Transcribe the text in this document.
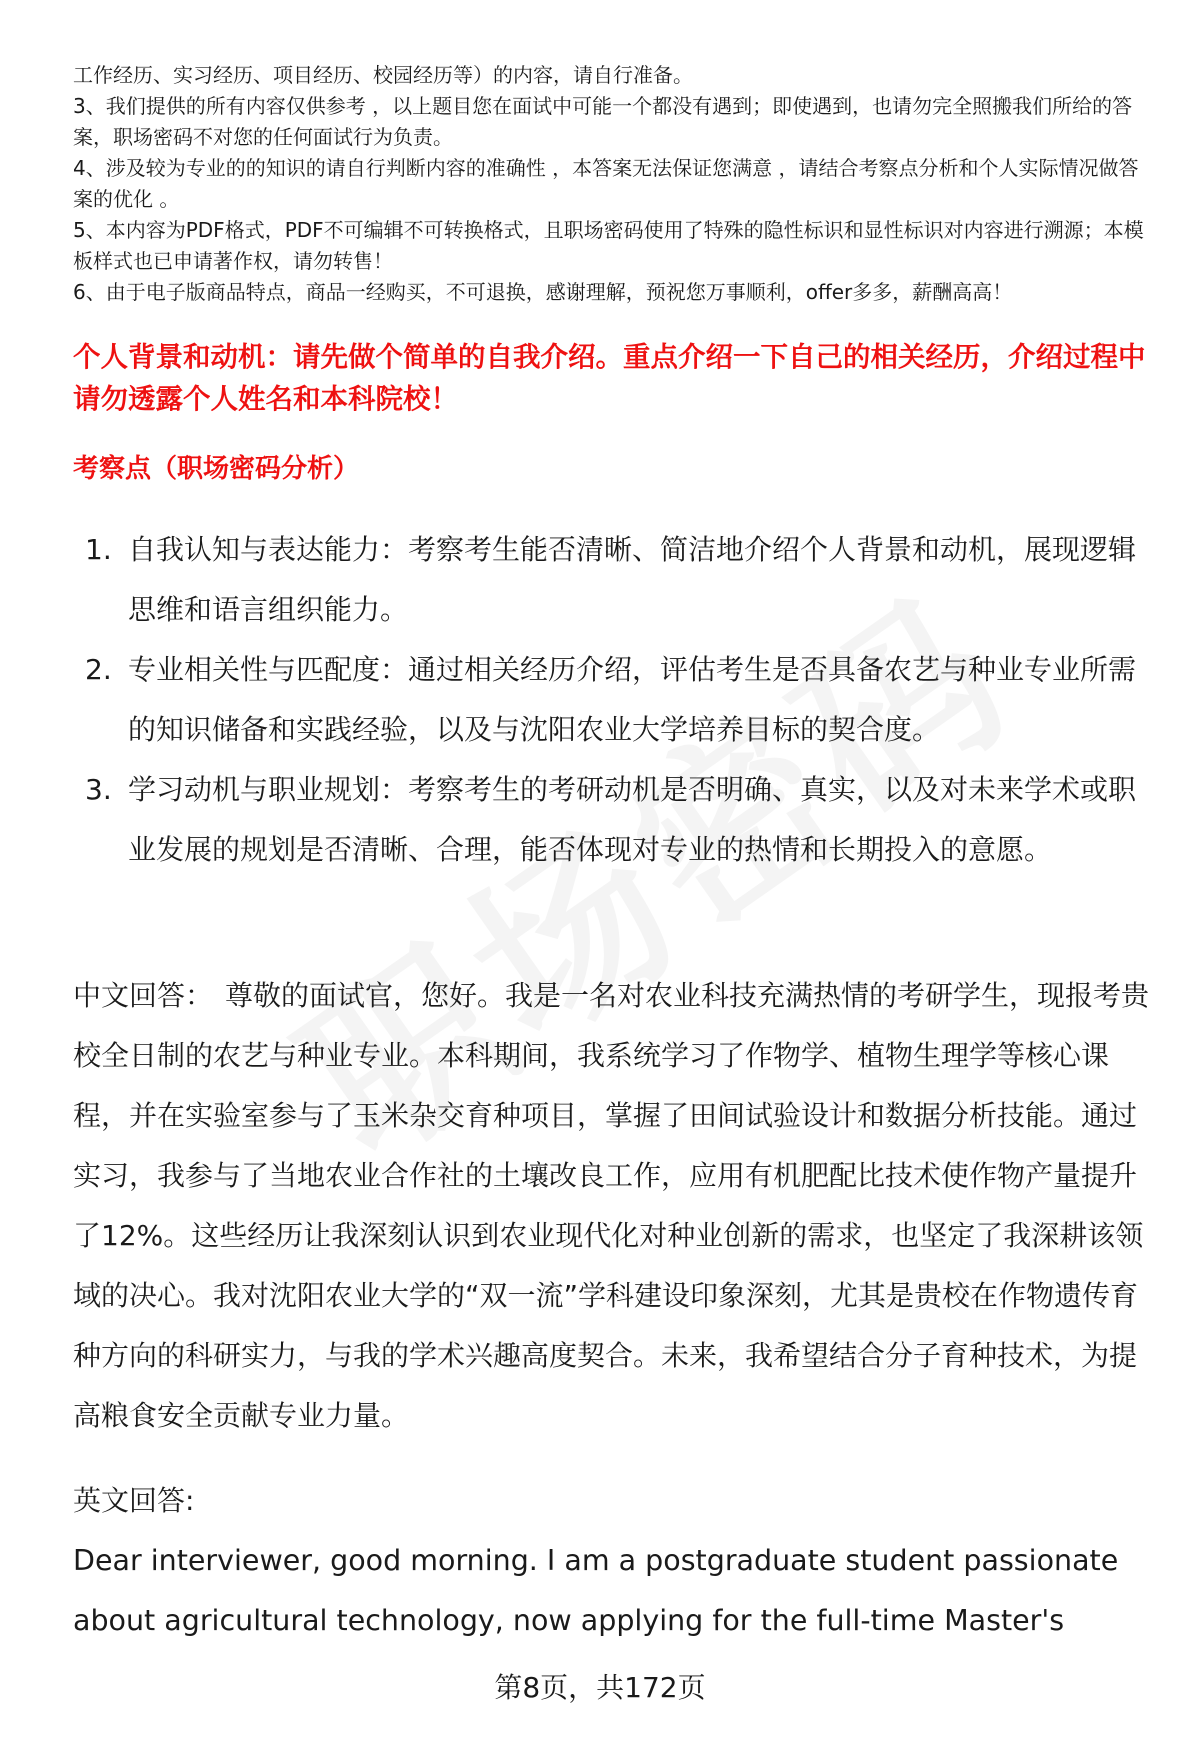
工作经历、实习经历、项目经历、校园经历等）的内容，请自行准备。

3、我们提供的所有内容仅供参考 ，以上题目您在面试中可能一个都没有遇到；即使遇到，也请勿完全照搬我们所给的答案，职场密码不对您的任何面试行为负责。

4、涉及较为专业的的知识的请自行判断内容的准确性 ，本答案无法保证您满意 ，请结合考察点分析和个人实际情况做答案的优化 。

5、本内容为PDF格式，PDF不可编辑不可转换格式，且职场密码使用了特殊的隐性标识和显性标识对内容进行溯源；本模板样式也已申请著作权，请勿转售！

6、由于电子版商品特点，商品一经购买，不可退换，感谢理解，预祝您万事顺利，offer多多，薪酬高高！

个人背景和动机：请先做个简单的自我介绍。重点介绍一下自己的相关经历，介绍过程中请勿透露个人姓名和本科院校！

考察点（职场密码分析）

1. 自我认知与表达能力：考察考生能否清晰、简洁地介绍个人背景和动机，展现逻辑思维和语言组织能力。
2. 专业相关性与匹配度：通过相关经历介绍，评估考生是否具备农艺与种业专业所需的知识储备和实践经验，以及与沈阳农业大学培养目标的契合度。
3. 学习动机与职业规划：考察考生的考研动机是否明确、真实，以及对未来学术或职业发展的规划是否清晰、合理，能否体现对专业的热情和长期投入的意愿。

中文回答： 尊敬的面试官，您好。我是一名对农业科技充满热情的考研学生，现报考贵校全日制的农艺与种业专业。本科期间，我系统学习了作物学、植物生理学等核心课程，并在实验室参与了玉米杂交育种项目，掌握了田间试验设计和数据分析技能。通过实习，我参与了当地农业合作社的土壤改良工作，应用有机肥配比技术使作物产量提升了12%。这些经历让我深刻认识到农业现代化对种业创新的需求，也坚定了我深耕该领域的决心。我对沈阳农业大学的“双一流”学科建设印象深刻，尤其是贵校在作物遗传育种方向的科研实力，与我的学术兴趣高度契合。未来，我希望结合分子育种技术，为提高粮食安全贡献专业力量。

英文回答:

Dear interviewer, good morning. I am a postgraduate student passionate about agricultural technology, now applying for the full-time Master's

第8页，共172页
